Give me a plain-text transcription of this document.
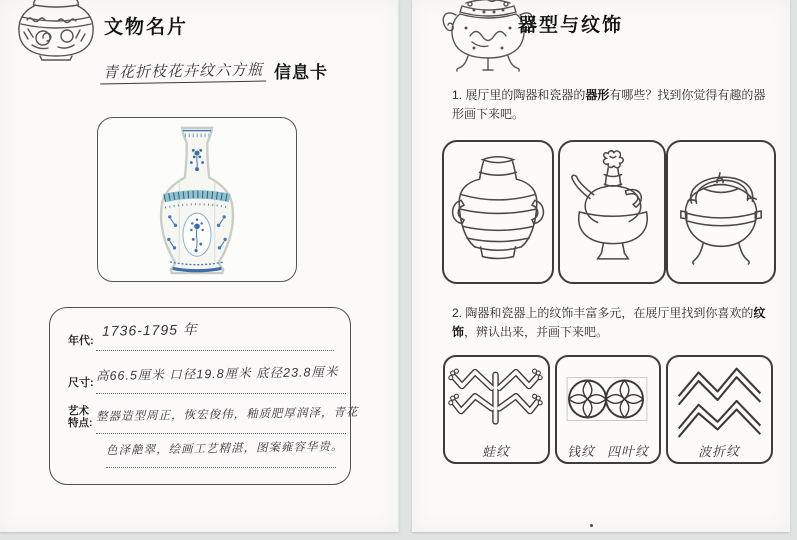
文物名片
青花折枝花卉纹六方瓶 信息卡
年代:
1736-1795 年
尺寸: 高66.5厘米 口径19.8厘米 底径23.8厘米
艺术
特点: 整器造型周正，恢宏俊伟，釉质肥厚润泽，青花
色泽靘翠，绘画工艺精湛，图案雍容华贵。
器型与纹饰

1. 展厅里的陶器和瓷器的器形有哪些？找到你觉得有趣的器形画下来吧。

2. 陶器和瓷器上的纹饰丰富多元，在展厅里找到你喜欢的纹饰，辨认出来，并画下来吧。

蛙纹	钱纹 四叶纹	波折纹
